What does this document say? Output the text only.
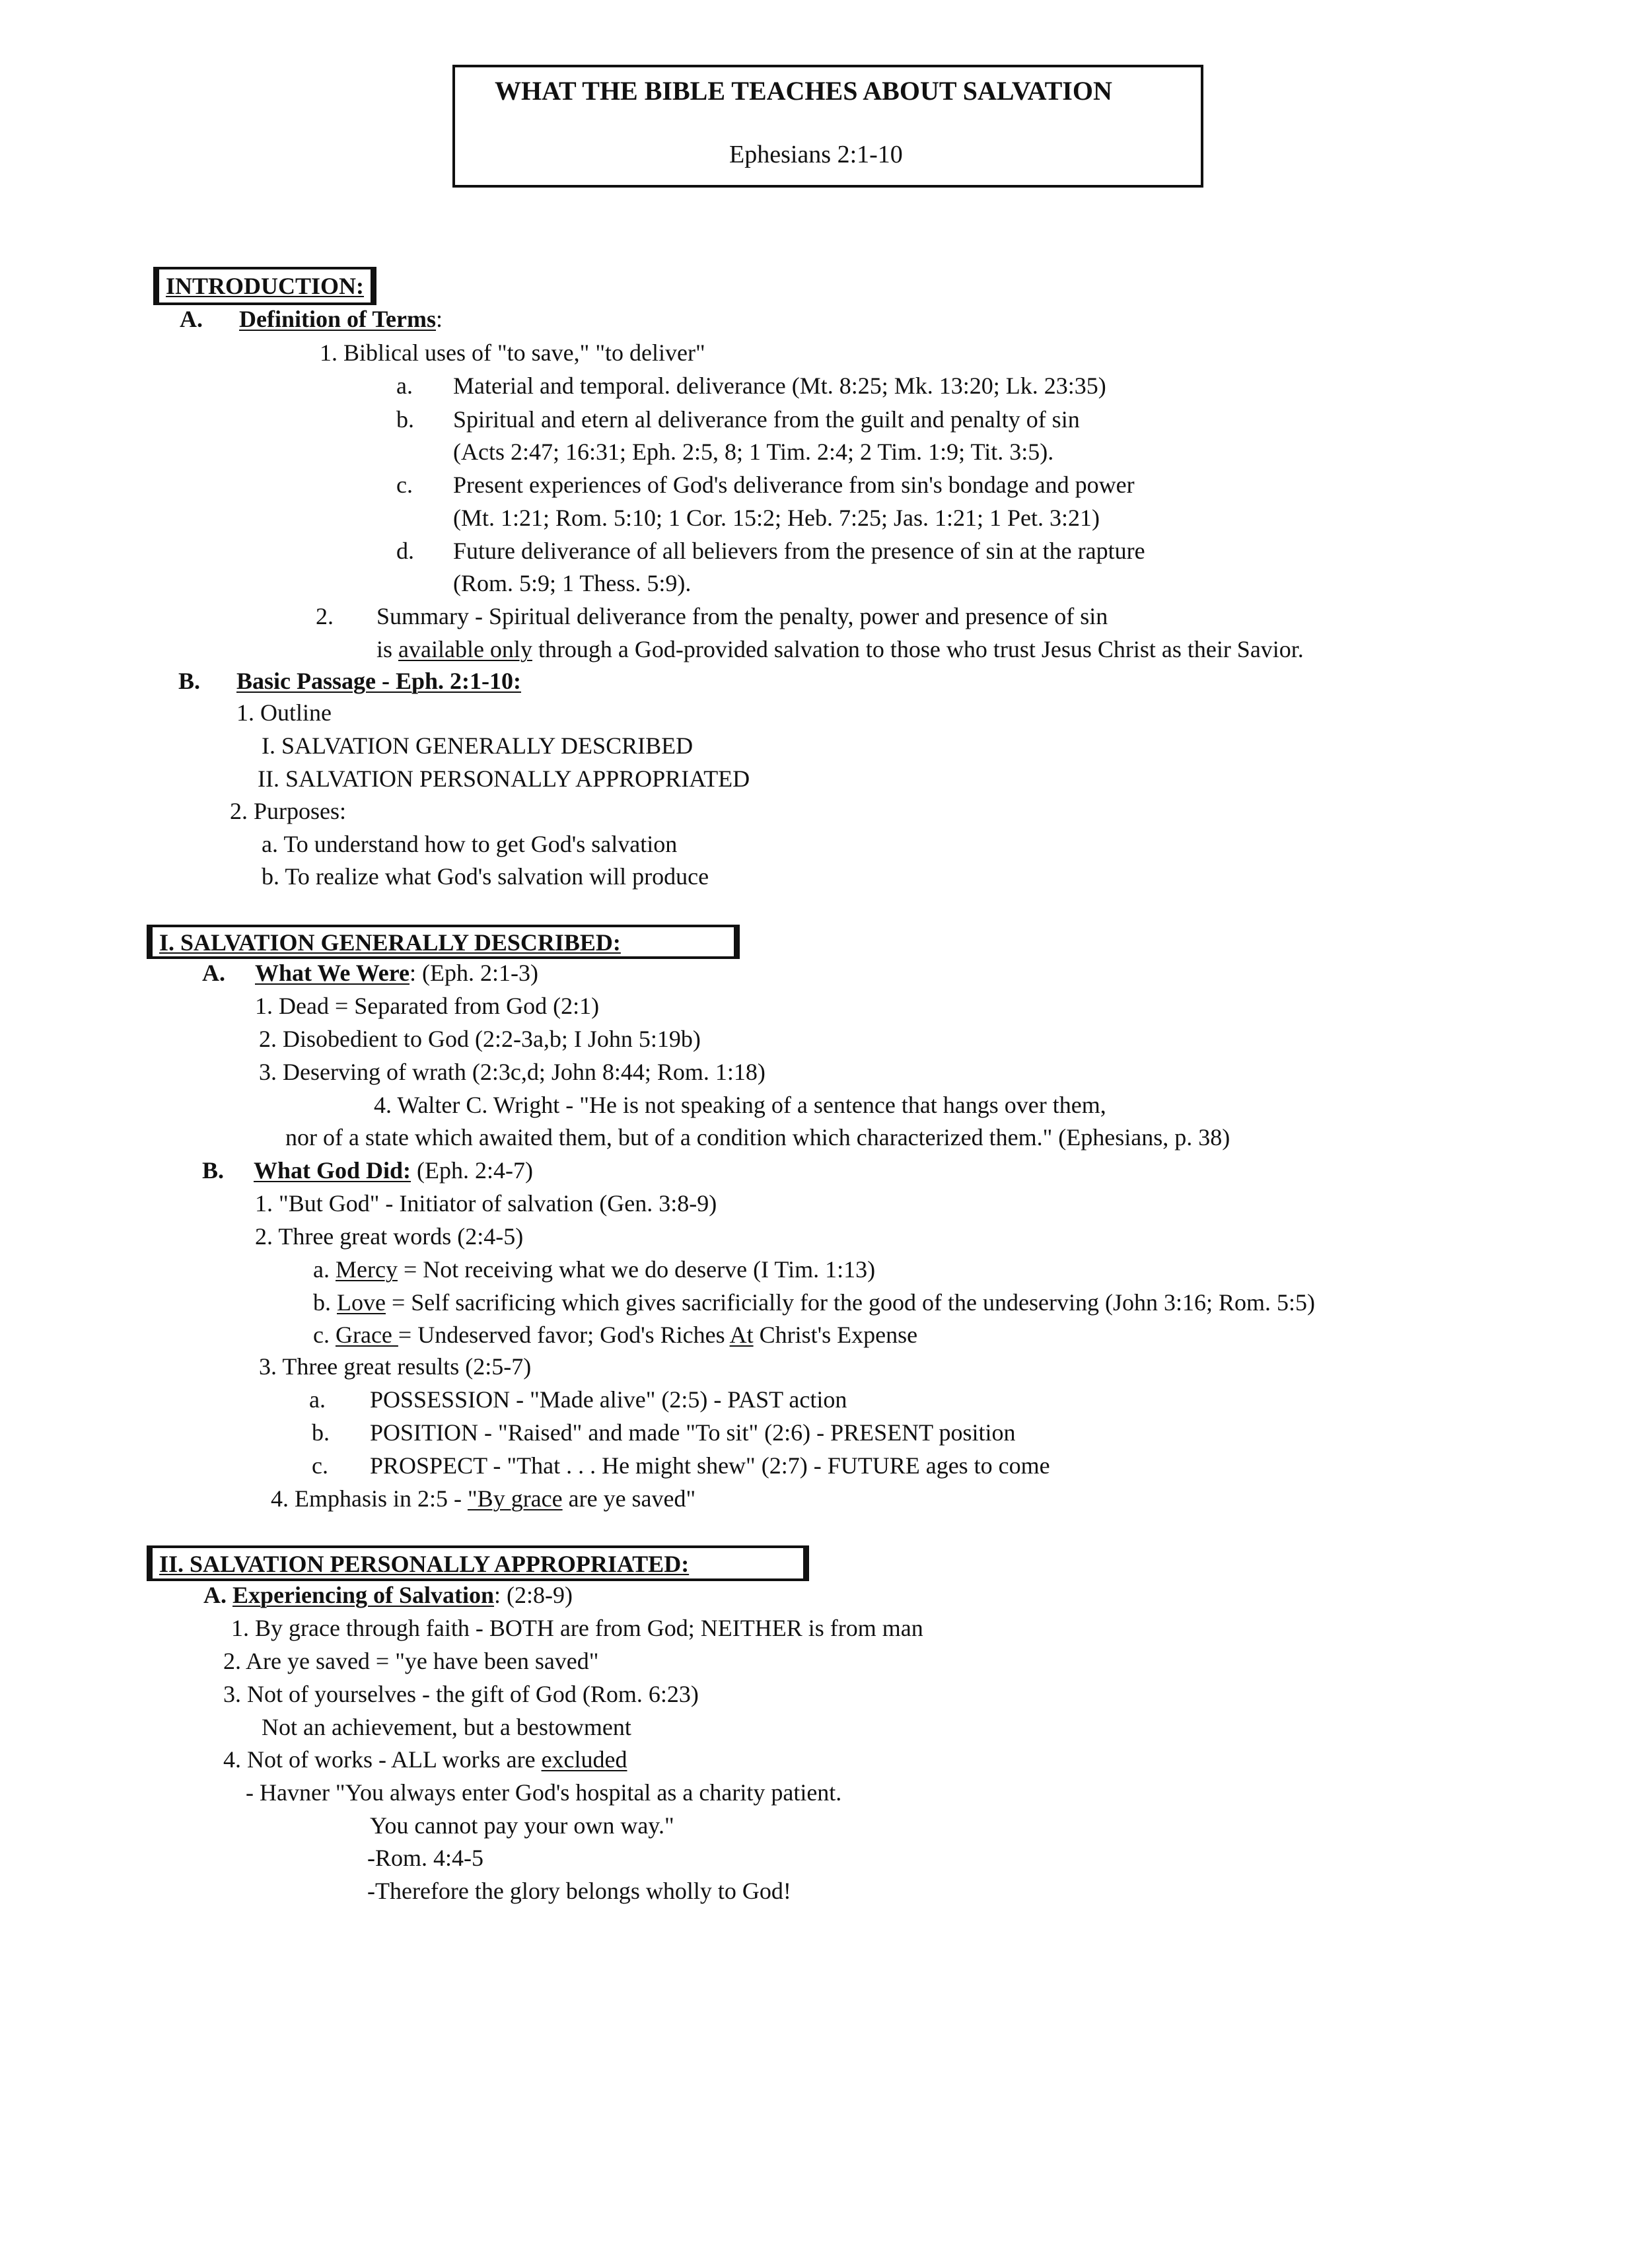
WHAT THE BIBLE TEACHES ABOUT SALVATION
Ephesians 2:1-10
INTRODUCTION:
A. Definition of Terms:
1. Biblical uses of "to save," "to deliver"
a. Material and temporal. deliverance (Mt. 8:25; Mk. 13:20; Lk. 23:35)
b. Spiritual and etern al deliverance from the guilt and penalty of sin
(Acts 2:47; 16:31; Eph. 2:5, 8; 1 Tim. 2:4; 2 Tim. 1:9; Tit. 3:5).
c. Present experiences of God's deliverance from sin's bondage and power
(Mt. 1:21; Rom. 5:10; 1 Cor. 15:2; Heb. 7:25; Jas. 1:21; 1 Pet. 3:21)
d. Future deliverance of all believers from the presence of sin at the rapture
(Rom. 5:9; 1 Thess. 5:9).
2. Summary - Spiritual deliverance from the penalty, power and presence of sin
is available only through a God-provided salvation to those who trust Jesus Christ as their Savior.
B. Basic Passage - Eph. 2:1-10:
1. Outline
I. SALVATION GENERALLY DESCRIBED
II. SALVATION PERSONALLY APPROPRIATED
2. Purposes:
a. To understand how to get God's salvation
b. To realize what God's salvation will produce
I. SALVATION GENERALLY DESCRIBED:
A. What We Were: (Eph. 2:1-3)
1. Dead = Separated from God (2:1)
2. Disobedient to God (2:2-3a,b; I John 5:19b)
3. Deserving of wrath (2:3c,d; John 8:44; Rom. 1:18)
4. Walter C. Wright - "He is not speaking of a sentence that hangs over them,
nor of a state which awaited them, but of a condition which characterized them." (Ephesians, p. 38)
B. What God Did: (Eph. 2:4-7)
1. "But God" - Initiator of salvation (Gen. 3:8-9)
2. Three great words (2:4-5)
a. Mercy = Not receiving what we do deserve (I Tim. 1:13)
b. Love = Self sacrificing which gives sacrificially for the good of the undeserving (John 3:16; Rom. 5:5)
c. Grace = Undeserved favor; God's Riches At Christ's Expense
3. Three great results (2:5-7)
a. POSSESSION - "Made alive" (2:5) - PAST action
b. POSITION - "Raised" and made "To sit" (2:6) - PRESENT position
c. PROSPECT - "That . . . He might shew" (2:7) - FUTURE ages to come
4. Emphasis in 2:5 - "By grace are ye saved"
II. SALVATION PERSONALLY APPROPRIATED:
A. Experiencing of Salvation: (2:8-9)
1. By grace through faith - BOTH are from God; NEITHER is from man
2. Are ye saved = "ye have been saved"
3. Not of yourselves - the gift of God (Rom. 6:23)
Not an achievement, but a bestowment
4. Not of works - ALL works are excluded
- Havner "You always enter God's hospital as a charity patient.
You cannot pay your own way."
-Rom. 4:4-5
-Therefore the glory belongs wholly to God!
